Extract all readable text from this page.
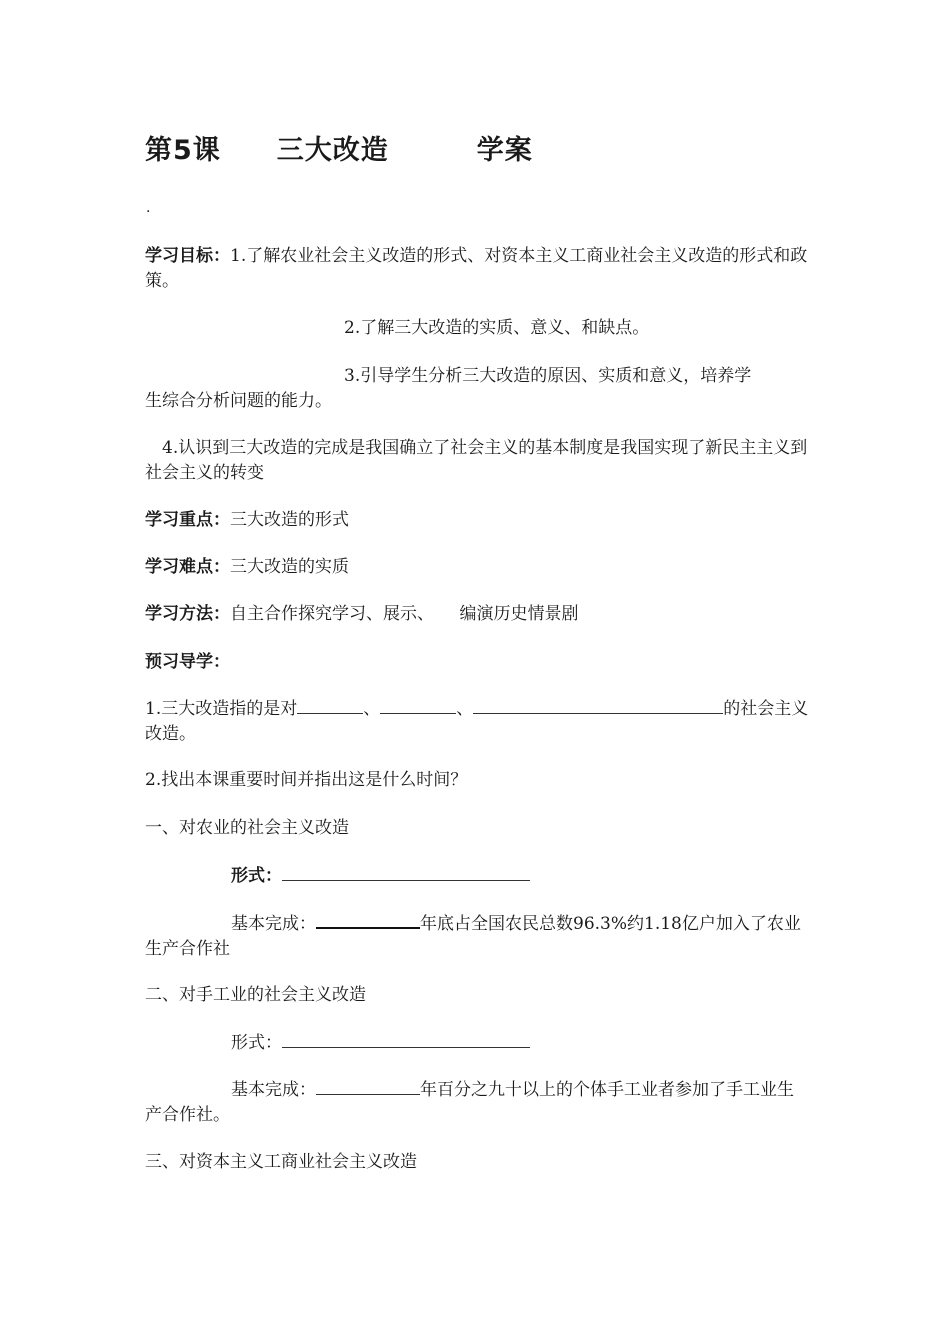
第5课 三大改造	学案
.

学习目标：1.了解农业社会主义改造的形式、对资本主义工商业社会主义改造的形式和政策。

2.了解三大改造的实质、意义、和缺点。

3.引导学生分析三大改造的原因、实质和意义，培养学
生综合分析问题的能力。

4.认识到三大改造的完成是我国确立了社会主义的基本制度是我国实现了新民主主义到社会主义的转变

学习重点：三大改造的形式

学习难点：三大改造的实质

学习方法：自主合作探究学习、展示、　　编演历史情景剧

预习导学：

1.三大改造指的是对	、	、	的社会主义改造。

2.找出本课重要时间并指出这是什么时间？

一、对农业的社会主义改造

形式：

基本完成：	年底占全国农民总数96.3%约1.18亿户加入了农业生产合作社

二、对手工业的社会主义改造

形式：

基本完成：	年百分之九十以上的个体手工业者参加了手工业生产合作社。

三、对资本主义工商业社会主义改造
